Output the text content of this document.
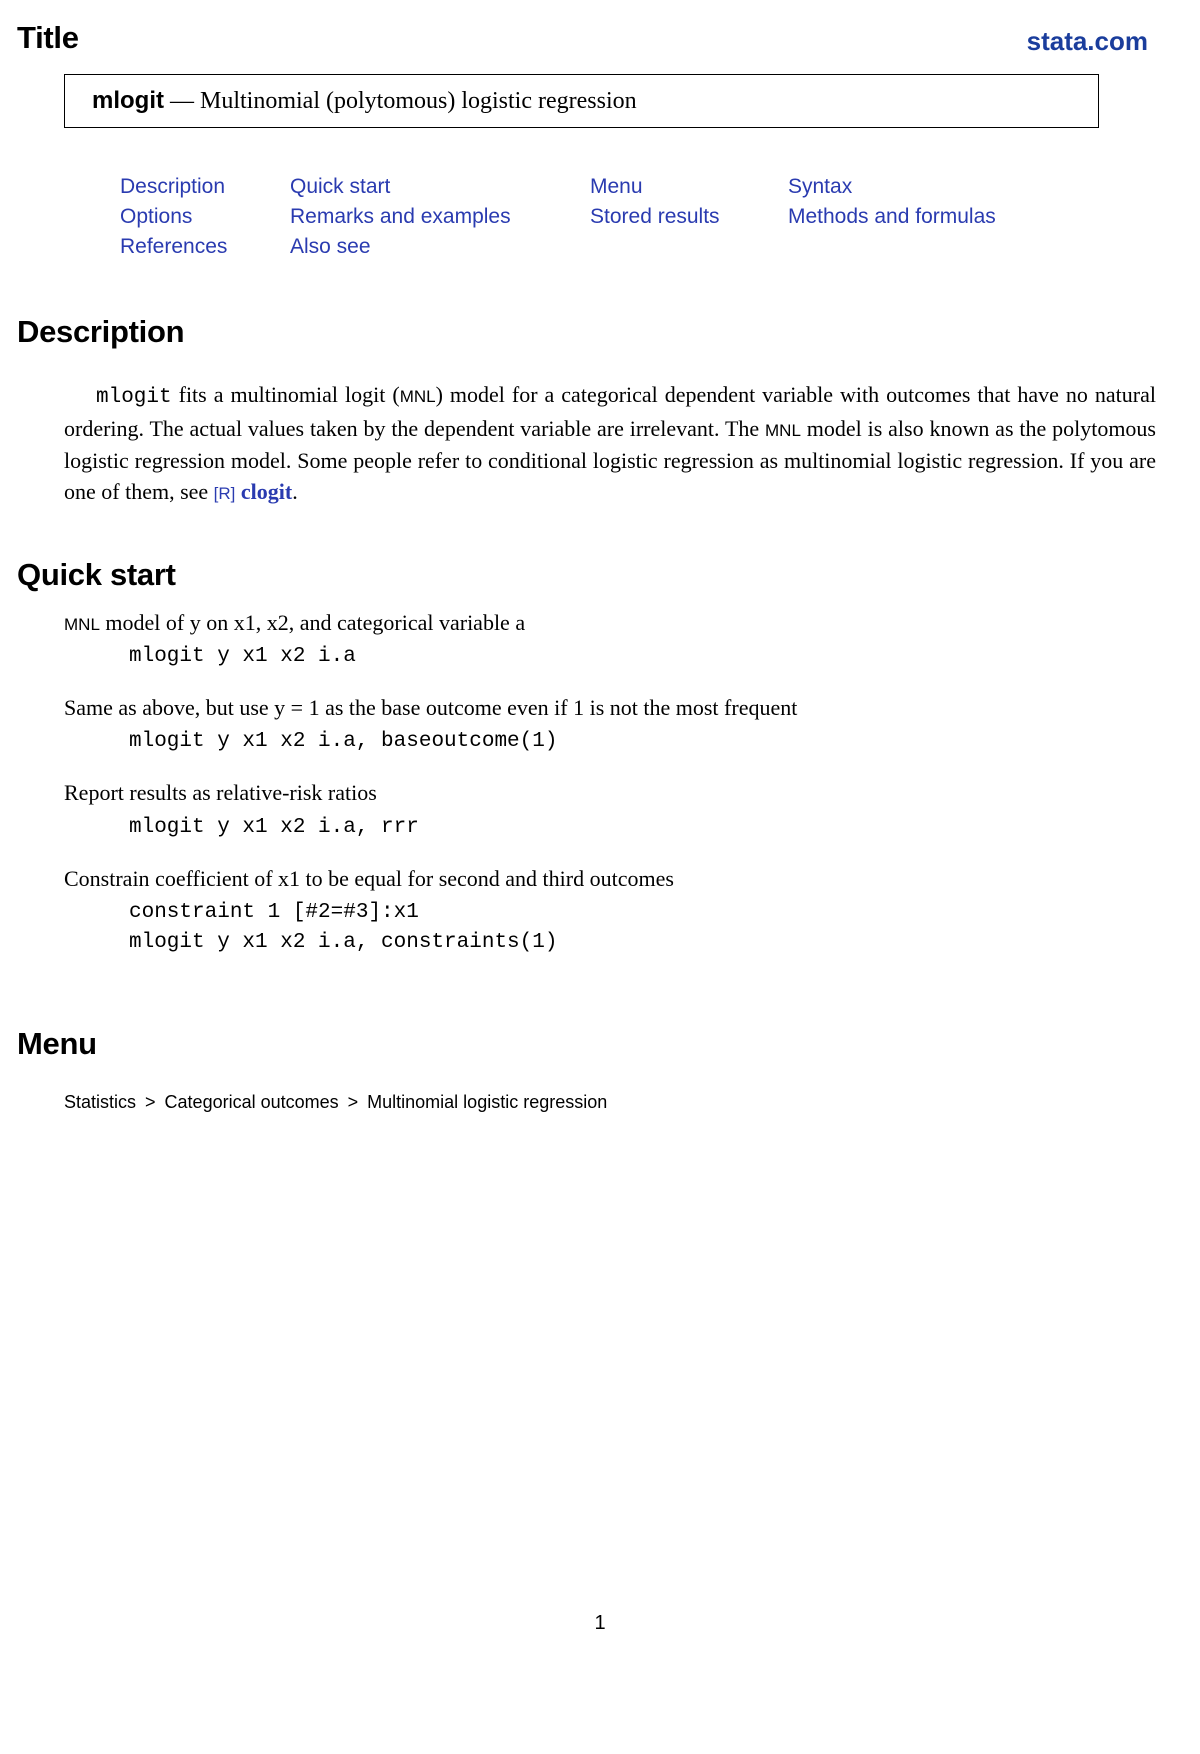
Title	stata.com
mlogit — Multinomial (polytomous) logistic regression
Description	Quick start	Menu	Syntax
Options	Remarks and examples	Stored results	Methods and formulas
References	Also see
Description
mlogit fits a multinomial logit (MNL) model for a categorical dependent variable with outcomes that have no natural ordering. The actual values taken by the dependent variable are irrelevant. The MNL model is also known as the polytomous logistic regression model. Some people refer to conditional logistic regression as multinomial logistic regression. If you are one of them, see [R] clogit.
Quick start
MNL model of y on x1, x2, and categorical variable a
mlogit y x1 x2 i.a
Same as above, but use y = 1 as the base outcome even if 1 is not the most frequent
mlogit y x1 x2 i.a, baseoutcome(1)
Report results as relative-risk ratios
mlogit y x1 x2 i.a, rrr
Constrain coefficient of x1 to be equal for second and third outcomes
constraint 1 [#2=#3]:x1
mlogit y x1 x2 i.a, constraints(1)
Menu
Statistics > Categorical outcomes > Multinomial logistic regression
1
